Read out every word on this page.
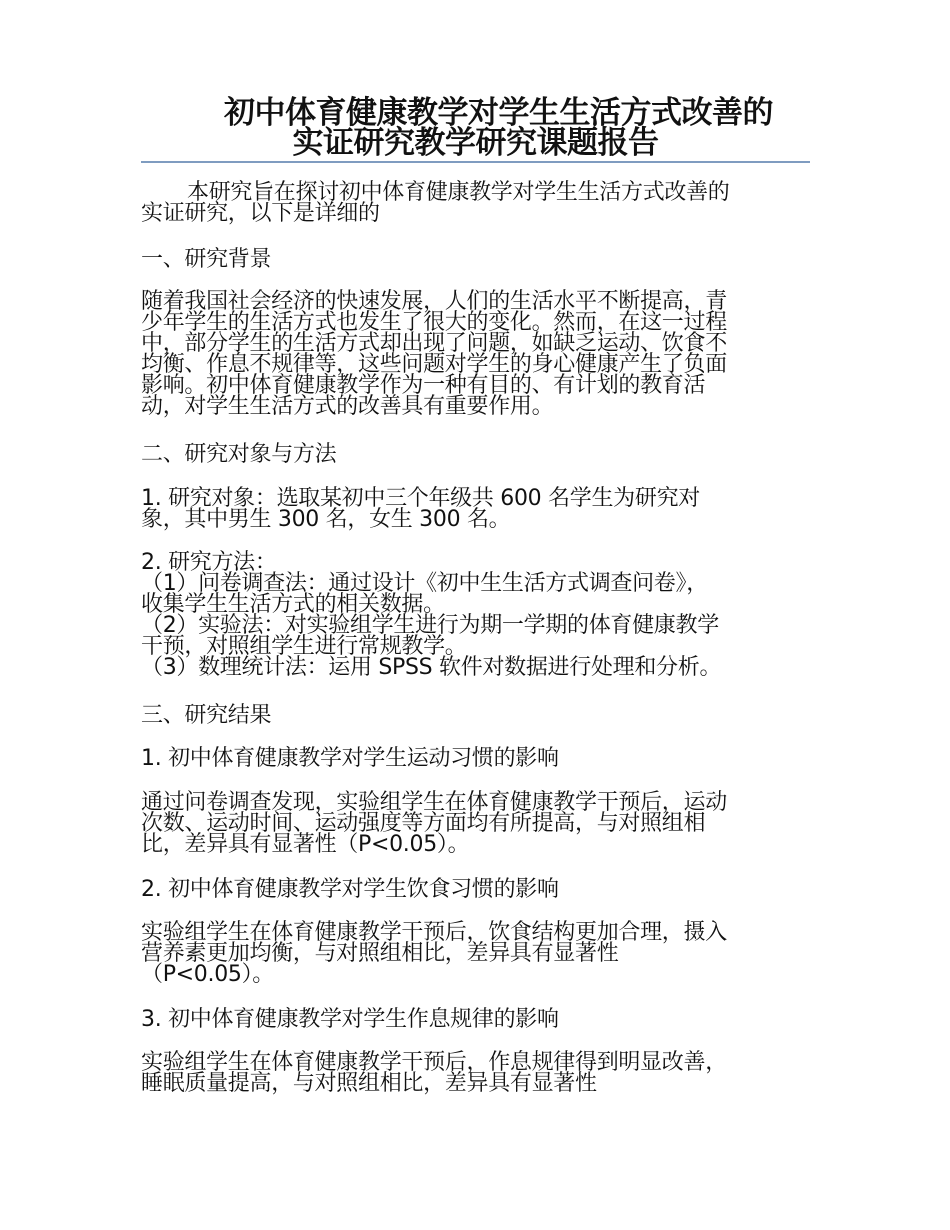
初中体育健康教学对学生生活方式改善的
实证研究教学研究课题报告
本研究旨在探讨初中体育健康教学对学生生活方式改善的
实证研究，以下是详细的
一、研究背景
随着我国社会经济的快速发展，人们的生活水平不断提高，青
少年学生的生活方式也发生了很大的变化。然而，在这一过程
中，部分学生的生活方式却出现了问题，如缺乏运动、饮食不
均衡、作息不规律等，这些问题对学生的身心健康产生了负面
影响。初中体育健康教学作为一种有目的、有计划的教育活
动，对学生生活方式的改善具有重要作用。
二、研究对象与方法
1. 研究对象：选取某初中三个年级共 600 名学生为研究对
象，其中男生 300 名，女生 300 名。
2. 研究方法：
（1）问卷调查法：通过设计《初中生生活方式调查问卷》，
收集学生生活方式的相关数据。
（2）实验法：对实验组学生进行为期一学期的体育健康教学
干预，对照组学生进行常规教学。
（3）数理统计法：运用 SPSS 软件对数据进行处理和分析。
三、研究结果
1. 初中体育健康教学对学生运动习惯的影响
通过问卷调查发现，实验组学生在体育健康教学干预后，运动
次数、运动时间、运动强度等方面均有所提高，与对照组相
比，差异具有显著性（P<0.05）。
2. 初中体育健康教学对学生饮食习惯的影响
实验组学生在体育健康教学干预后，饮食结构更加合理，摄入
营养素更加均衡，与对照组相比，差异具有显著性
（P<0.05）。
3. 初中体育健康教学对学生作息规律的影响
实验组学生在体育健康教学干预后，作息规律得到明显改善，
睡眠质量提高，与对照组相比，差异具有显著性
